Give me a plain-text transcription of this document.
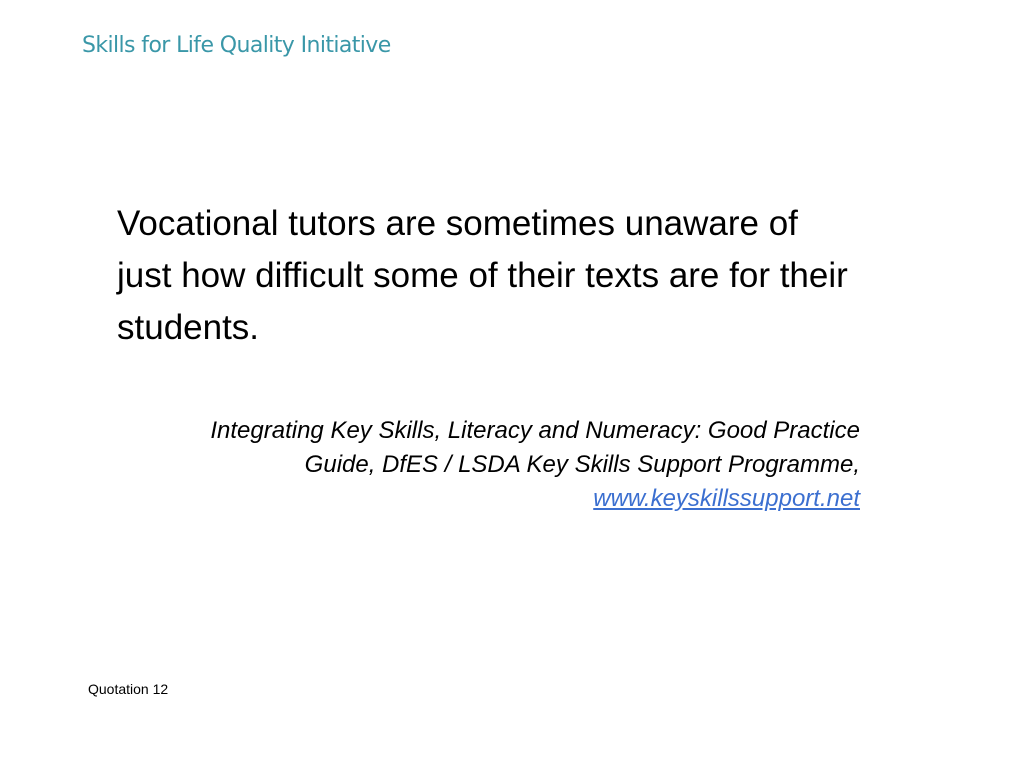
Skills for Life Quality Initiative
Vocational tutors are sometimes unaware of just how difficult some of their texts are for their students.
Integrating Key Skills, Literacy and Numeracy: Good Practice
Guide, DfES / LSDA Key Skills Support Programme,
www.keyskillssupport.net
Quotation 12
